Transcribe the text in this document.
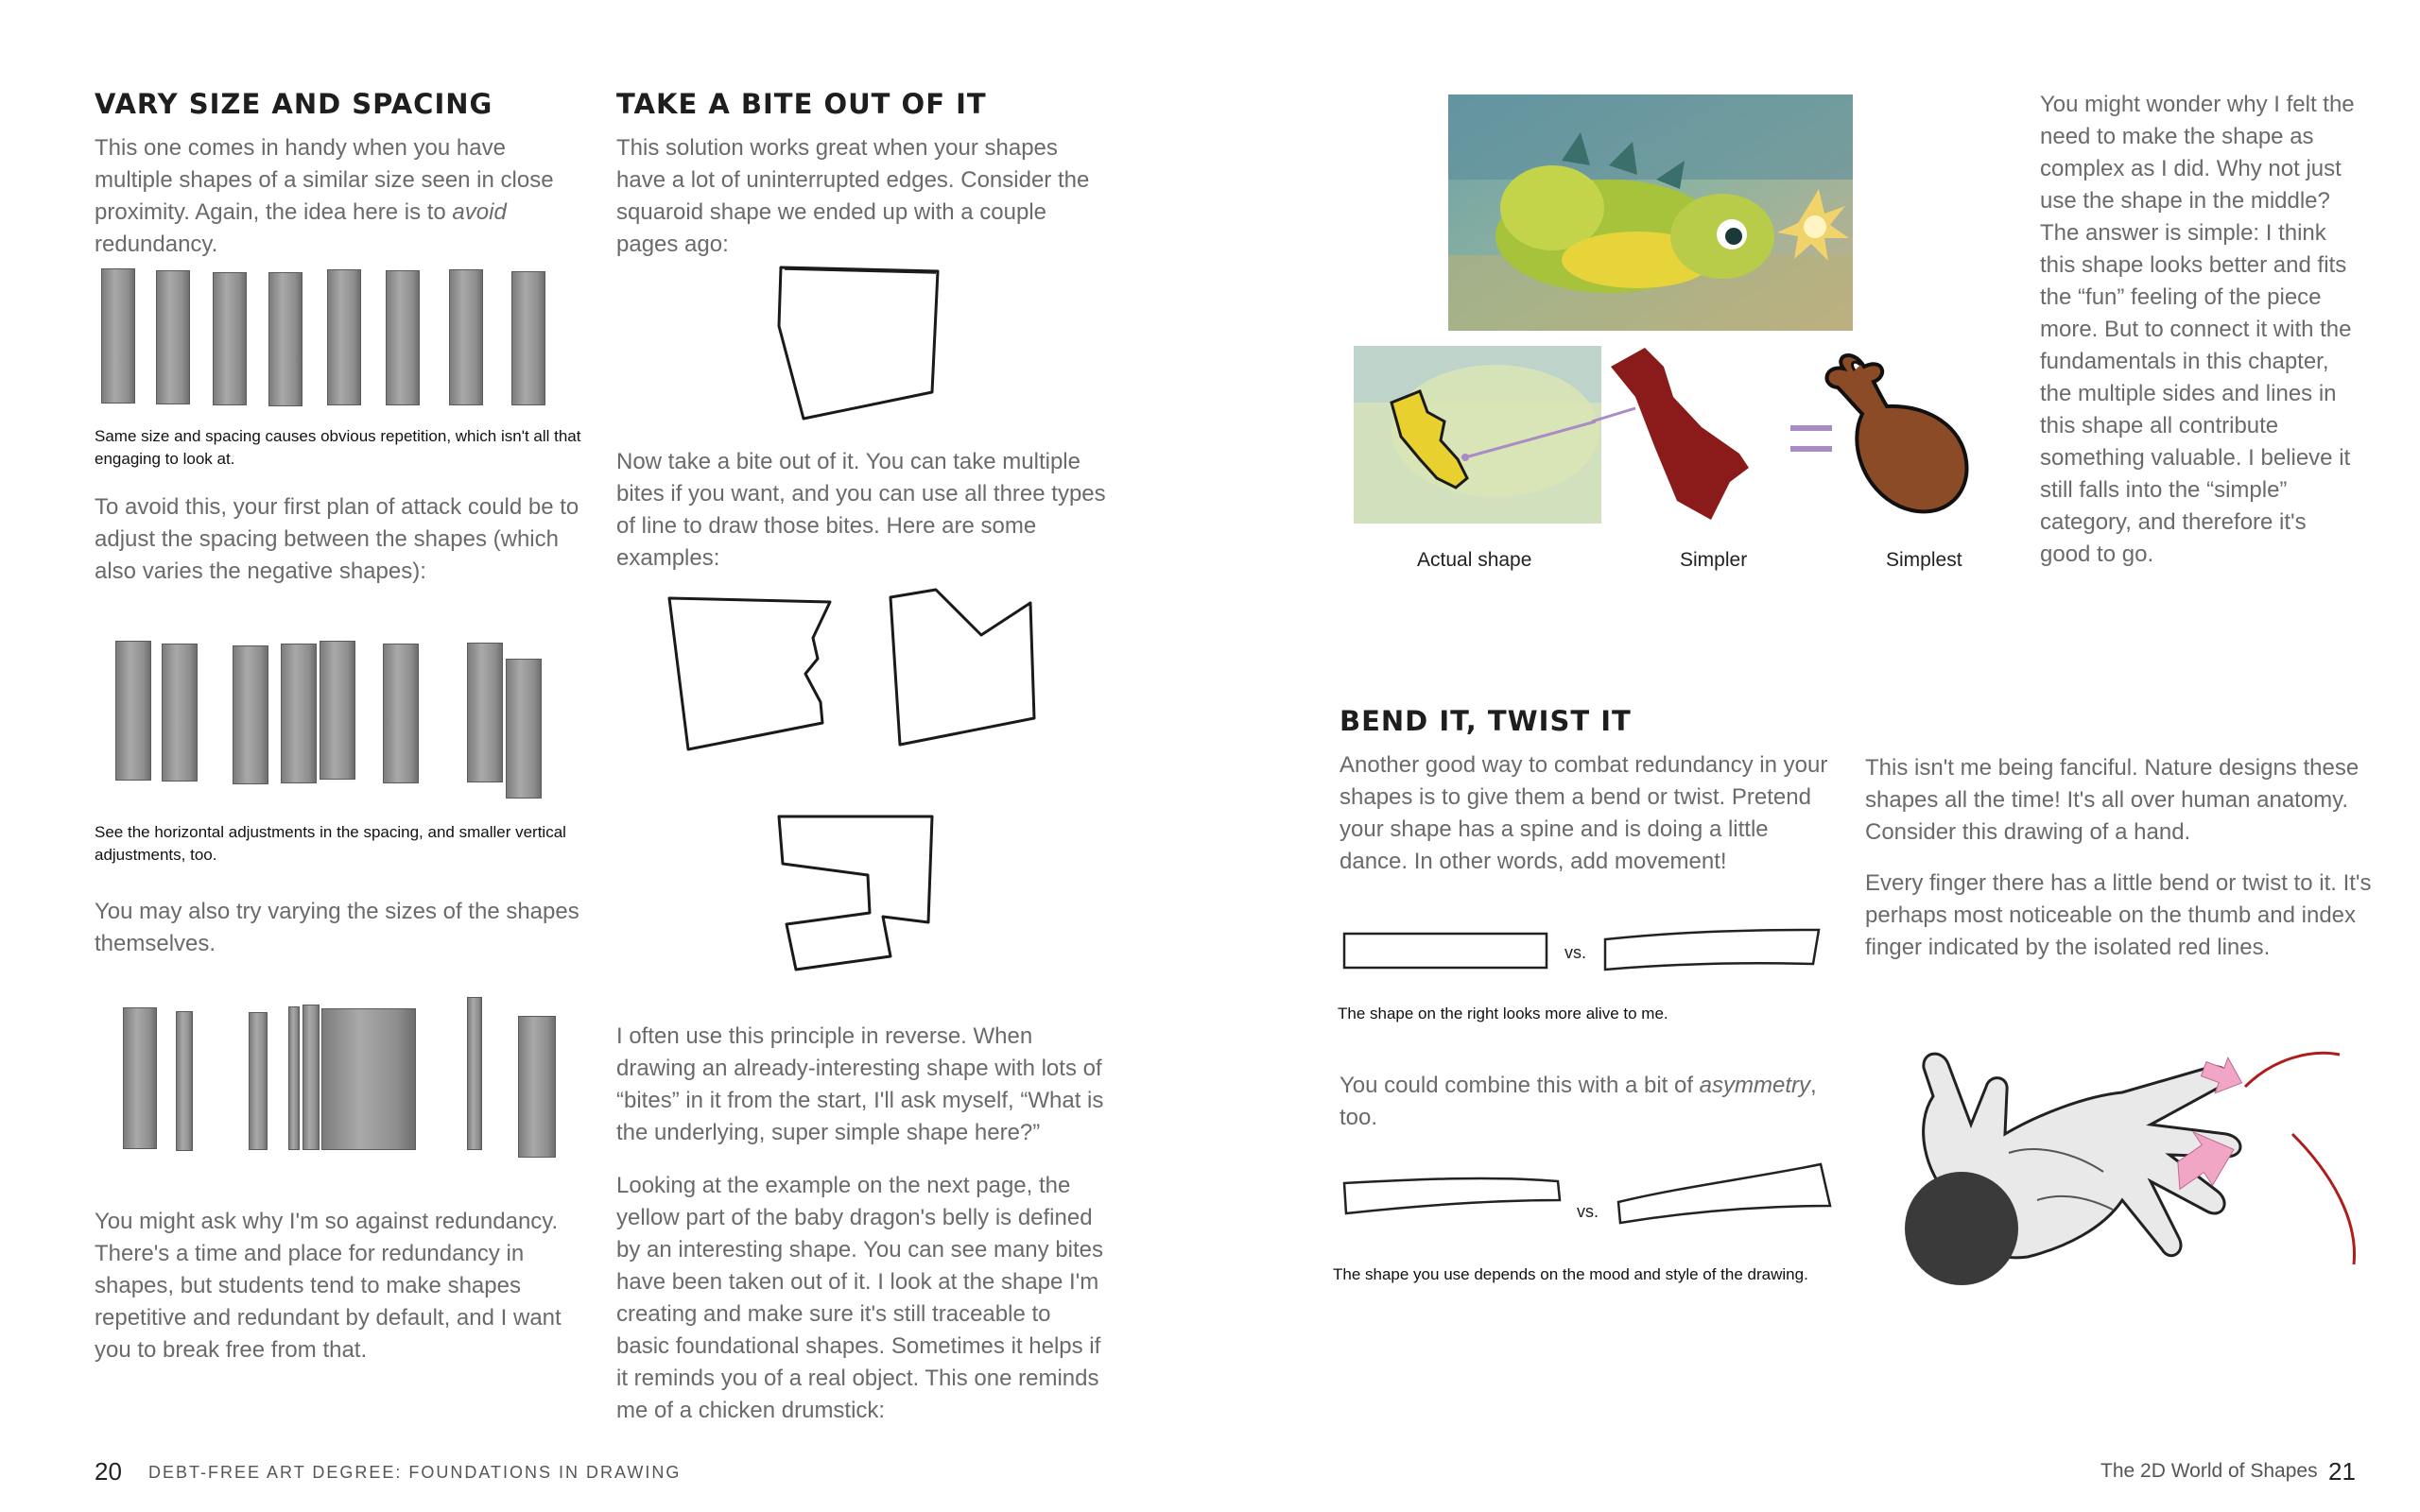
VARY SIZE AND SPACING

This one comes in handy when you have multiple shapes of a similar size seen in close proximity. Again, the idea here is to avoid redundancy.

Same size and spacing causes obvious repetition, which isn't all that engaging to look at.

To avoid this, your first plan of attack could be to adjust the spacing between the shapes (which also varies the negative shapes):

See the horizontal adjustments in the spacing, and smaller vertical adjustments, too.

You may also try varying the sizes of the shapes themselves.

You might ask why I'm so against redundancy. There's a time and place for redundancy in shapes, but students tend to make shapes repetitive and redundant by default, and I want you to break free from that.

TAKE A BITE OUT OF IT

This solution works great when your shapes have a lot of uninterrupted edges. Consider the squaroid shape we ended up with a couple pages ago:

Now take a bite out of it. You can take multiple bites if you want, and you can use all three types of line to draw those bites. Here are some examples:

I often use this principle in reverse. When drawing an already-interesting shape with lots of “bites” in it from the start, I'll ask myself, “What is the underlying, super simple shape here?”

Looking at the example on the next page, the yellow part of the baby dragon's belly is defined by an interesting shape. You can see many bites have been taken out of it. I look at the shape I'm creating and make sure it's still traceable to basic foundational shapes. Sometimes it helps if it reminds you of a real object. This one reminds me of a chicken drumstick:

20 DEBT-FREE ART DEGREE: FOUNDATIONS IN DRAWING
Actual shape	Simpler	Simplest

You might wonder why I felt the need to make the shape as complex as I did. Why not just use the shape in the middle? The answer is simple: I think this shape looks better and fits the “fun” feeling of the piece more. But to connect it with the fundamentals in this chapter, the multiple sides and lines in this shape all contribute something valuable. I believe it still falls into the “simple” category, and therefore it's good to go.

BEND IT, TWIST IT

Another good way to combat redundancy in your shapes is to give them a bend or twist. Pretend your shape has a spine and is doing a little dance. In other words, add movement!

vs.
The shape on the right looks more alive to me.

You could combine this with a bit of asymmetry, too.

vs.
The shape you use depends on the mood and style of the drawing.

This isn't me being fanciful. Nature designs these shapes all the time! It's all over human anatomy. Consider this drawing of a hand.

Every finger there has a little bend or twist to it. It's perhaps most noticeable on the thumb and index finger indicated by the isolated red lines.

The 2D World of Shapes 21
